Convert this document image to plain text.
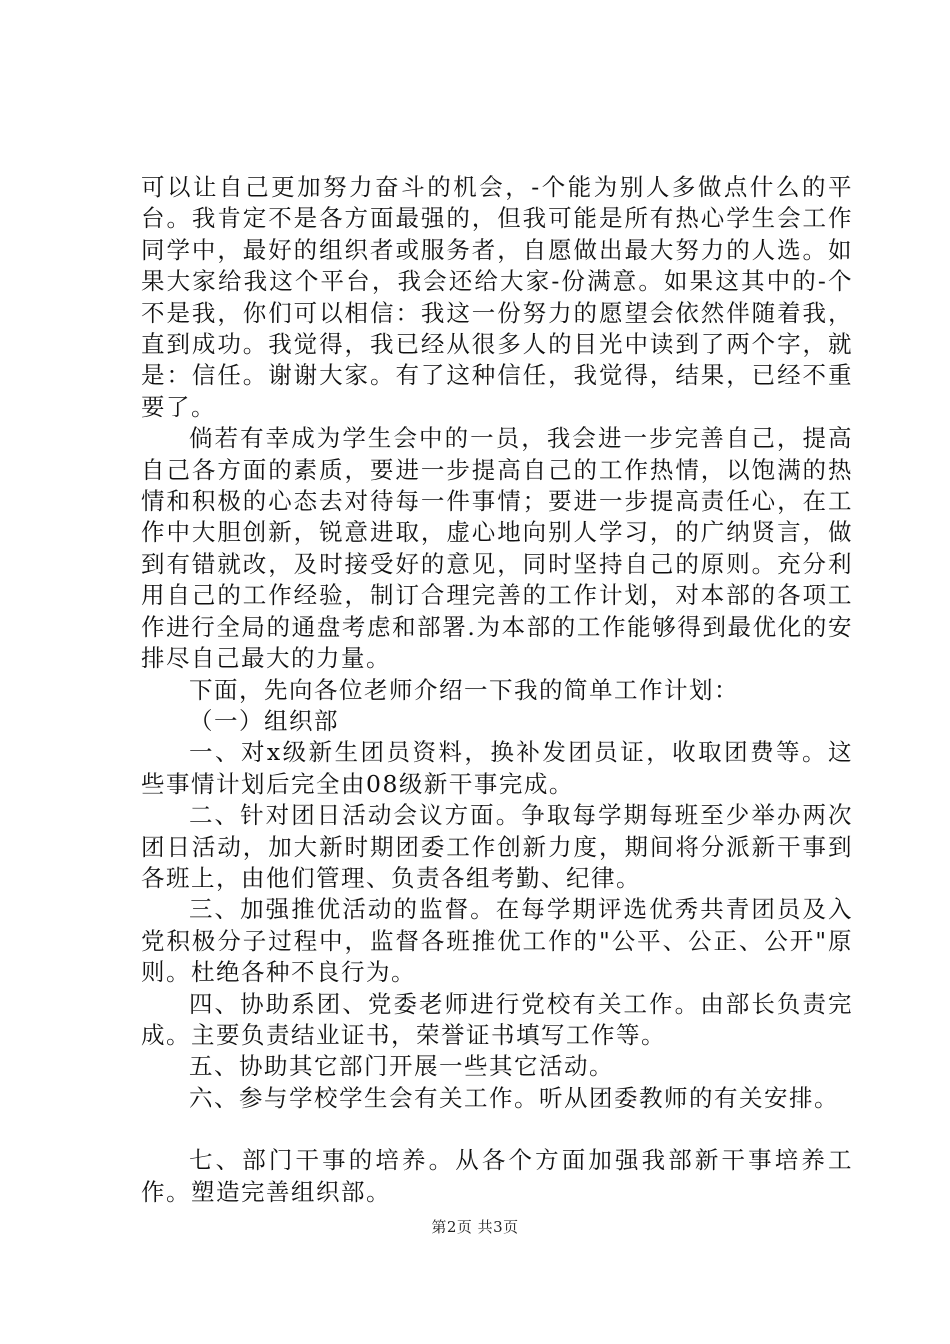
可以让自己更加努力奋斗的机会，-个能为别人多做点什么的平台。我肯定不是各方面最强的，但我可能是所有热心学生会工作同学中，最好的组织者或服务者，自愿做出最大努力的人选。如果大家给我这个平台，我会还给大家-份满意。如果这其中的-个不是我，你们可以相信：我这一份努力的愿望会依然伴随着我，直到成功。我觉得，我已经从很多人的目光中读到了两个字，就是：信任。谢谢大家。有了这种信任，我觉得，结果，已经不重要了。

倘若有幸成为学生会中的一员，我会进一步完善自己，提高自己各方面的素质，要进一步提高自己的工作热情，以饱满的热情和积极的心态去对待每一件事情；要进一步提高责任心，在工作中大胆创新，锐意进取，虚心地向别人学习，的广纳贤言，做到有错就改，及时接受好的意见，同时坚持自己的原则。充分利用自己的工作经验，制订合理完善的工作计划，对本部的各项工作进行全局的通盘考虑和部署.为本部的工作能够得到最优化的安排尽自己最大的力量。

下面，先向各位老师介绍一下我的简单工作计划：

（一）组织部

一、对x级新生团员资料，换补发团员证，收取团费等。这些事情计划后完全由08级新干事完成。

二、针对团日活动会议方面。争取每学期每班至少举办两次团日活动，加大新时期团委工作创新力度，期间将分派新干事到各班上，由他们管理、负责各组考勤、纪律。

三、加强推优活动的监督。在每学期评选优秀共青团员及入党积极分子过程中，监督各班推优工作的"公平、公正、公开"原则。杜绝各种不良行为。

四、协助系团、党委老师进行党校有关工作。由部长负责完成。主要负责结业证书，荣誉证书填写工作等。

五、协助其它部门开展一些其它活动。

六、参与学校学生会有关工作。听从团委教师的有关安排。

七、部门干事的培养。从各个方面加强我部新干事培养工作。塑造完善组织部。

第2页 共3页
